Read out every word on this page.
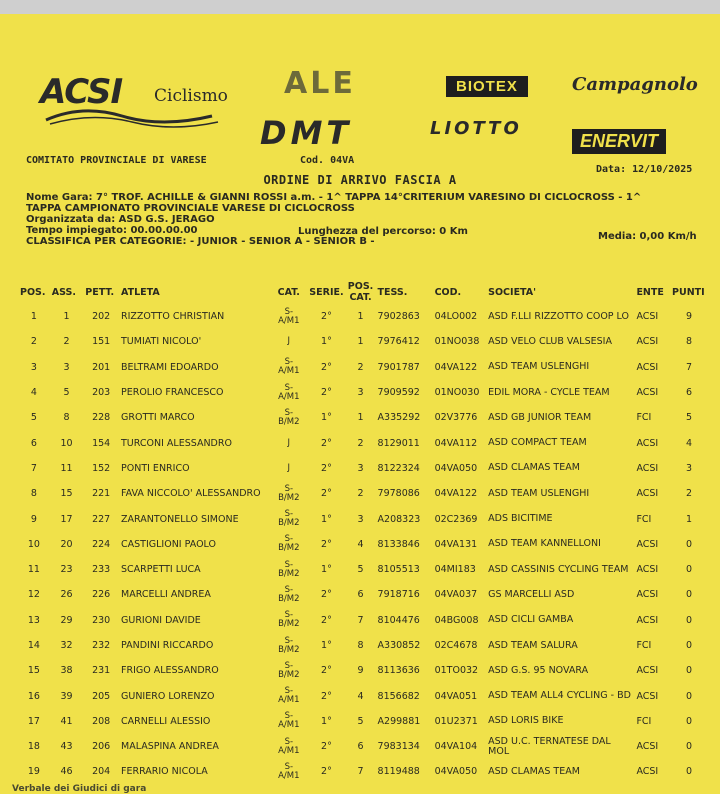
ACSI Ciclismo ALE	BIOTEX	Campagnolo
DMT	LIOTTO
ENERVIT
COMITATO PROVINCIALE DI VARESE	Cod. 04VA
Data: 12/10/2025
ORDINE DI ARRIVO FASCIA A
Nome Gara: 7° TROF. ACHILLE & GIANNI ROSSI a.m. - 1^ TAPPA 14°CRITERIUM VARESINO DI CICLOCROSS - 1^
TAPPA CAMPIONATO PROVINCIALE VARESE DI CICLOCROSS
Organizzata da: ASD G.S. JERAGO
Tempo impiegato: 00.00.00.00	Lunghezza del percorso: 0 Km
CLASSIFICA PER CATEGORIE: - JUNIOR - SENIOR A - SENIOR B -	Media: 0,00 Km/h
POS.	ASS.	PETT.	ATLETA	CAT.	SERIE.	POS.
CAT.	TESS.	COD.	SOCIETA'	ENTE	PUNTI
1	1	202	RIZZOTTO CHRISTIAN	S-
A/M1	2°	1	7902863	04LO002	ASD F.LLI RIZZOTTO COOP LO	ACSI	9
2	2	151	TUMIATI NICOLO'	J	1°	1	7976412	01NO038	ASD VELO CLUB VALSESIA	ACSI	8
3	3	201	BELTRAMI EDOARDO	S-
A/M1	2°	2	7901787	04VA122	ASD TEAM USLENGHI	ACSI	7
4	5	203	PEROLIO FRANCESCO	S-
A/M1	2°	3	7909592	01NO030	EDIL MORA - CYCLE TEAM	ACSI	6
5	8	228	GROTTI MARCO	S-
B/M2	1°	1	A335292	02V3776	ASD GB JUNIOR TEAM	FCI	5
6	10	154	TURCONI ALESSANDRO	J	2°	2	8129011	04VA112	ASD COMPACT TEAM	ACSI	4
7	11	152	PONTI ENRICO	J	2°	3	8122324	04VA050	ASD CLAMAS TEAM	ACSI	3
8	15	221	FAVA NICCOLO' ALESSANDRO	S-
B/M2	2°	2	7978086	04VA122	ASD TEAM USLENGHI	ACSI	2
9	17	227	ZARANTONELLO SIMONE	S-
B/M2	1°	3	A208323	02C2369	ADS BICITIME	FCI	1
10	20	224	CASTIGLIONI PAOLO	S-
B/M2	2°	4	8133846	04VA131	ASD TEAM KANNELLONI	ACSI	0
11	23	233	SCARPETTI LUCA	S-
B/M2	1°	5	8105513	04MI183	ASD CASSINIS CYCLING TEAM	ACSI	0
12	26	226	MARCELLI ANDREA	S-
B/M2	2°	6	7918716	04VA037	GS MARCELLI ASD	ACSI	0
13	29	230	GURIONI DAVIDE	S-
B/M2	2°	7	8104476	04BG008	ASD CICLI GAMBA	ACSI	0
14	32	232	PANDINI RICCARDO	S-
B/M2	1°	8	A330852	02C4678	ASD TEAM SALURA	FCI	0
15	38	231	FRIGO ALESSANDRO	S-
B/M2	2°	9	8113636	01TO032	ASD G.S. 95 NOVARA	ACSI	0
16	39	205	GUNIERO LORENZO	S-
A/M1	2°	4	8156682	04VA051	ASD TEAM ALL4 CYCLING - BD	ACSI	0
17	41	208	CARNELLI ALESSIO	S-
A/M1	1°	5	A299881	01U2371	ASD LORIS BIKE	FCI	0
18	43	206	MALASPINA ANDREA	S-
A/M1	2°	6	7983134	04VA104	ASD U.C. TERNATESE DAL MOL	ACSI	0
19	46	204	FERRARIO NICOLA	S-
A/M1	2°	7	8119488	04VA050	ASD CLAMAS TEAM	ACSI	0
Verbale dei Giudici di gara
